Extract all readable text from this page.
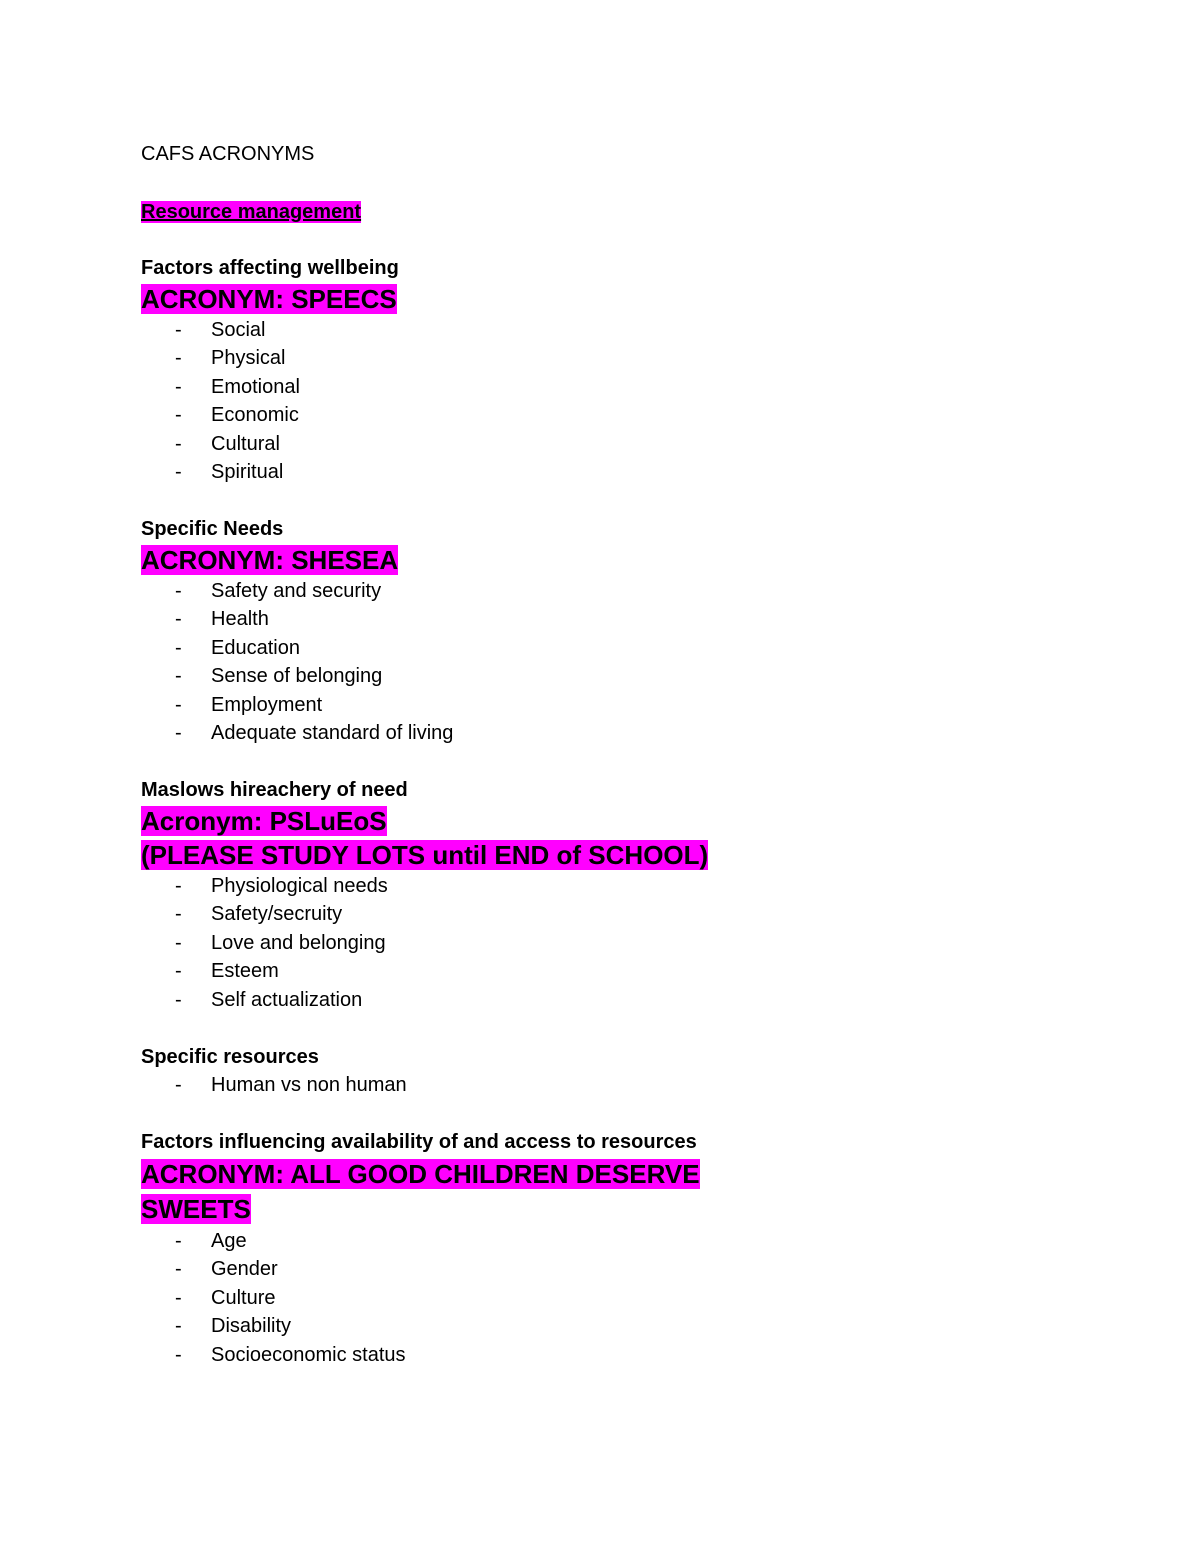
CAFS ACRONYMS
Resource management
Factors affecting wellbeing
ACRONYM: SPEECS
- Social
- Physical
- Emotional
- Economic
- Cultural
- Spiritual
Specific Needs
ACRONYM: SHESEA
- Safety and security
- Health
- Education
- Sense of belonging
- Employment
- Adequate standard of living
Maslows hireachery of need
Acronym: PSLuEoS
(PLEASE STUDY LOTS until END of SCHOOL)
- Physiological needs
- Safety/secruity
- Love and belonging
- Esteem
- Self actualization
Specific resources
- Human vs non human
Factors influencing availability of and access to resources
ACRONYM: ALL GOOD CHILDREN DESERVE
SWEETS
- Age
- Gender
- Culture
- Disability
- Socioeconomic status
